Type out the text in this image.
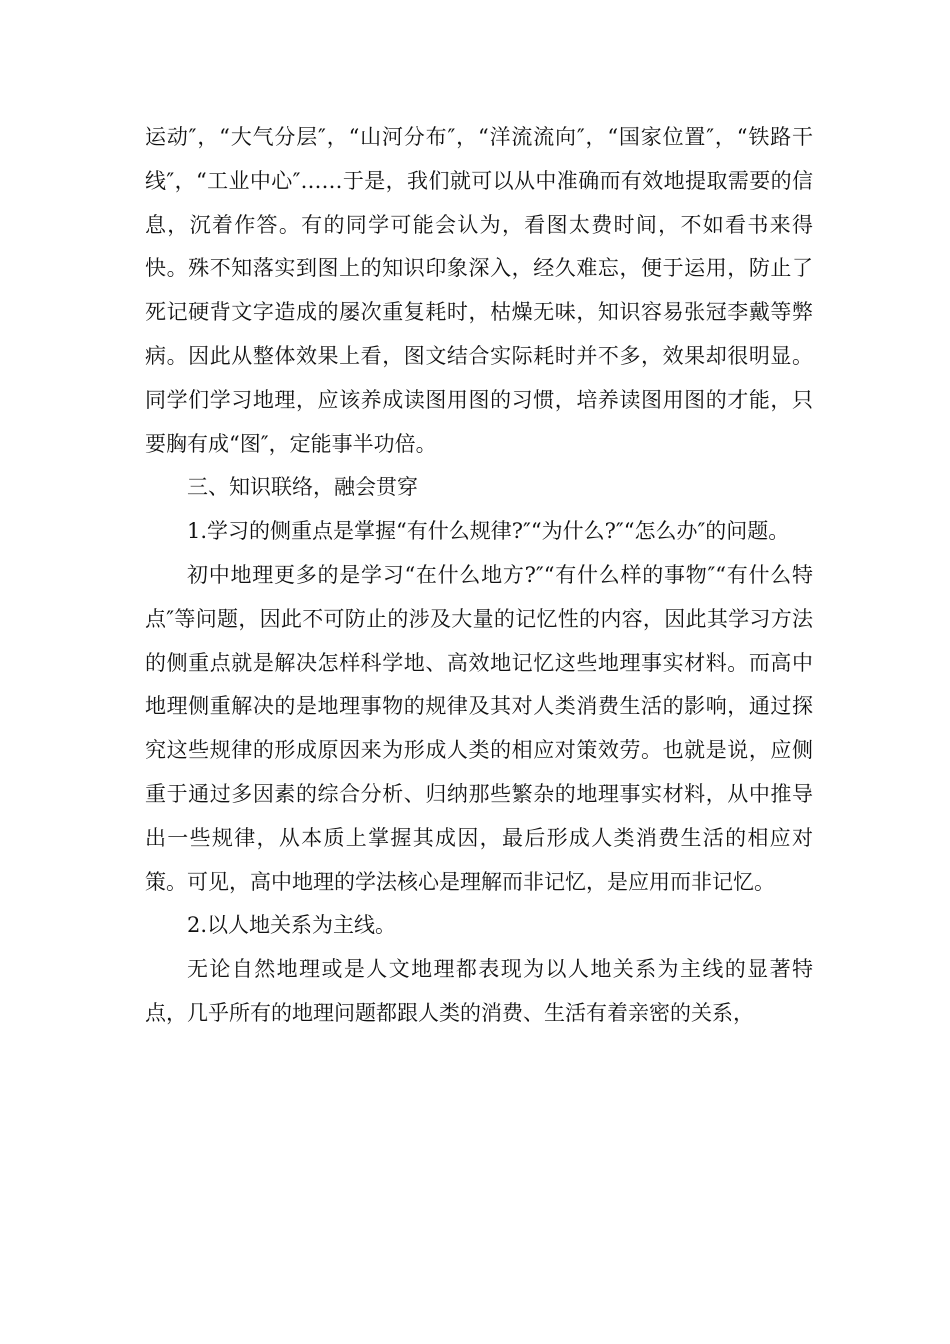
运动″，“大气分层″，“山河分布″，“洋流流向″，“国家位置″，“铁路干线″，“工业中心″……于是，我们就可以从中准确而有效地提取需要的信息，沉着作答。有的同学可能会认为，看图太费时间，不如看书来得快。殊不知落实到图上的知识印象深入，经久难忘，便于运用，防止了死记硬背文字造成的屡次重复耗时，枯燥无味，知识容易张冠李戴等弊病。因此从整体效果上看，图文结合实际耗时并不多，效果却很明显。同学们学习地理，应该养成读图用图的习惯，培养读图用图的才能，只要胸有成“图″，定能事半功倍。

三、知识联络，融会贯穿

1.学习的侧重点是掌握“有什么规律?″“为什么?″“怎么办″的问题。

初中地理更多的是学习“在什么地方?″“有什么样的事物″“有什么特点″等问题，因此不可防止的涉及大量的记忆性的内容，因此其学习方法的侧重点就是解决怎样科学地、高效地记忆这些地理事实材料。而高中地理侧重解决的是地理事物的规律及其对人类消费生活的影响，通过探究这些规律的形成原因来为形成人类的相应对策效劳。也就是说，应侧重于通过多因素的综合分析、归纳那些繁杂的地理事实材料，从中推导出一些规律，从本质上掌握其成因，最后形成人类消费生活的相应对策。可见，高中地理的学法核心是理解而非记忆，是应用而非记忆。

2.以人地关系为主线。

无论自然地理或是人文地理都表现为以人地关系为主线的显著特点，几乎所有的地理问题都跟人类的消费、生活有着亲密的关系，
